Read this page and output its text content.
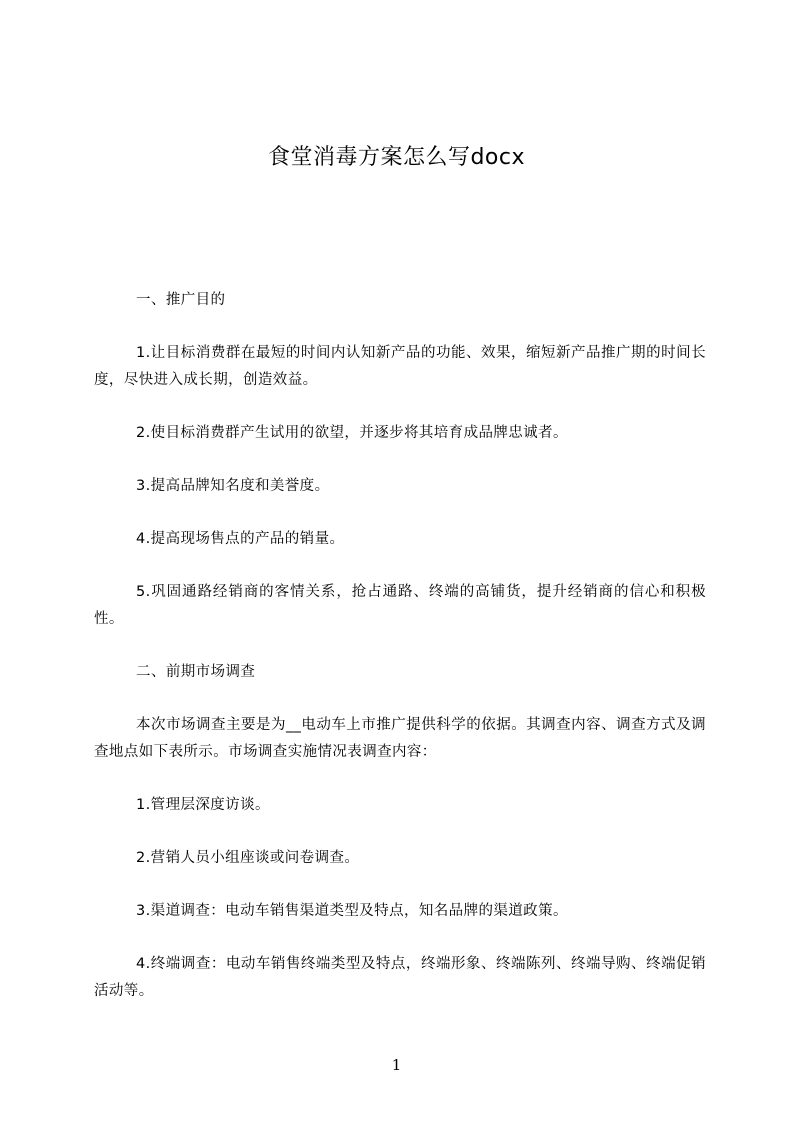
食堂消毒方案怎么写docx

一、推广目的

1.让目标消费群在最短的时间内认知新产品的功能、效果，缩短新产品推广期的时间长度，尽快进入成长期，创造效益。

2.使目标消费群产生试用的欲望，并逐步将其培育成品牌忠诚者。

3.提高品牌知名度和美誉度。

4.提高现场售点的产品的销量。

5.巩固通路经销商的客情关系，抢占通路、终端的高铺货，提升经销商的信心和积极性。

二、前期市场调查

本次市场调查主要是为__电动车上市推广提供科学的依据。其调查内容、调查方式及调查地点如下表所示。市场调查实施情况表调查内容：

1.管理层深度访谈。

2.营销人员小组座谈或问卷调查。

3.渠道调查：电动车销售渠道类型及特点，知名品牌的渠道政策。

4.终端调查：电动车销售终端类型及特点，终端形象、终端陈列、终端导购、终端促销活动等。

1
